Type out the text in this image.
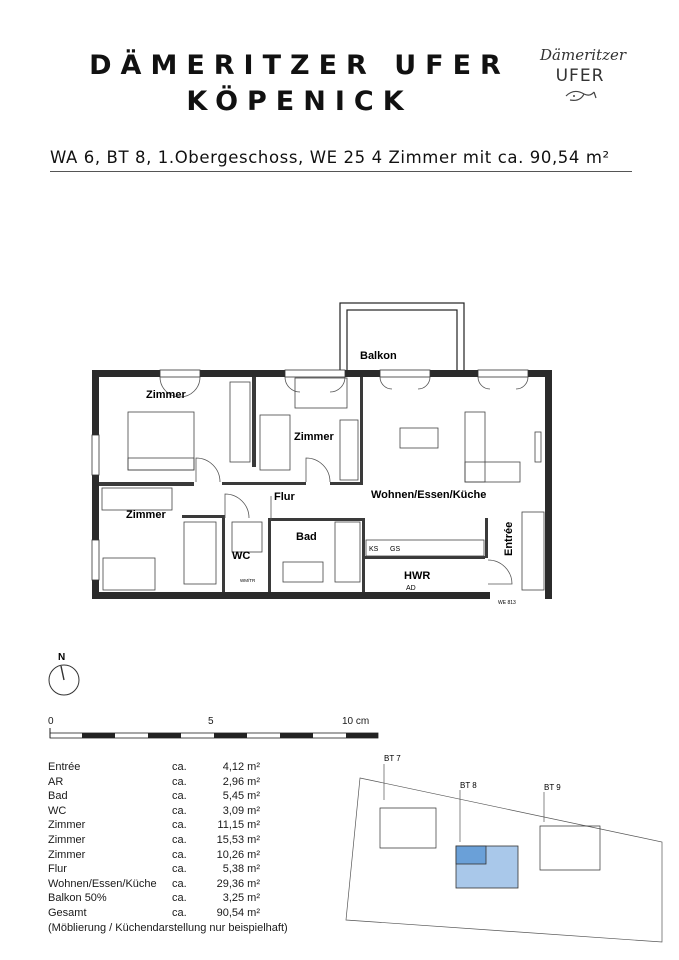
DÄMERITZER UFER
KÖPENICK
Dämeritzer
UFER
WA 6, BT 8, 1.Obergeschoss, WE 25 4 Zimmer mit ca. 90,54 m²
Balkon
Zimmer
Zimmer
Zimmer
Flur
Bad
WC
Wohnen/Essen/Küche
Entrée
HWR
AD
KS GS
WM/TR
WE 813
N
BT 7
BT 8	BT 9
0	5	10 cm
Entrée	ca.	4,12 m²
AR	ca.	2,96 m²
Bad	ca.	5,45 m²
WC	ca.	3,09 m²
Zimmer	ca.	11,15 m²
Zimmer	ca.	15,53 m²
Zimmer	ca.	10,26 m²
Flur	ca.	5,38 m²
Wohnen/Essen/Küche	ca.	29,36 m²
Balkon 50%	ca.	3,25 m²
Gesamt	ca.	90,54 m²
(Möblierung / Küchendarstellung nur beispielhaft)
